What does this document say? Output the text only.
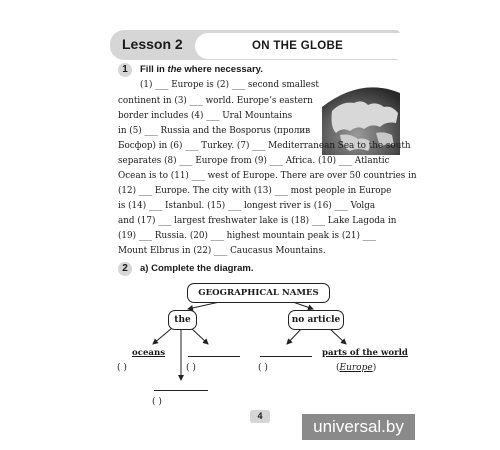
Lesson 2	ON THE GLOBE
1	Fill in the where necessary.
(1) ___ Europe is (2) ___ second smallest
continent in (3) ___ world. Europe’s eastern
border includes (4) ___ Ural Mountains
in (5) ___ Russia and the Bosporus (пролив
Босфор) in (6) ___ Turkey. (7) ___ Mediterranean Sea to the south
separates (8) ___ Europe from (9) ___ Africa. (10) ___ Atlantic
Ocean is to (11) ___ west of Europe. There are over 50 countries in
(12) ___ Europe. The city with (13) ___ most people in Europe
is (14) ___ Istanbul. (15) ___ longest river is (16) ___ Volga
and (17) ___ largest freshwater lake is (18) ___ Lake Lagoda in
(19) ___ Russia. (20) ___ highest mountain peak is (21) ___
Mount Elbrus in (22) ___ Caucasus Mountains.
2	a) Complete the diagram.
GEOGRAPHICAL NAMES
the	no article
oceans
( )	( )
( )
( )
parts of the world
(Europe)
4
universal.by
